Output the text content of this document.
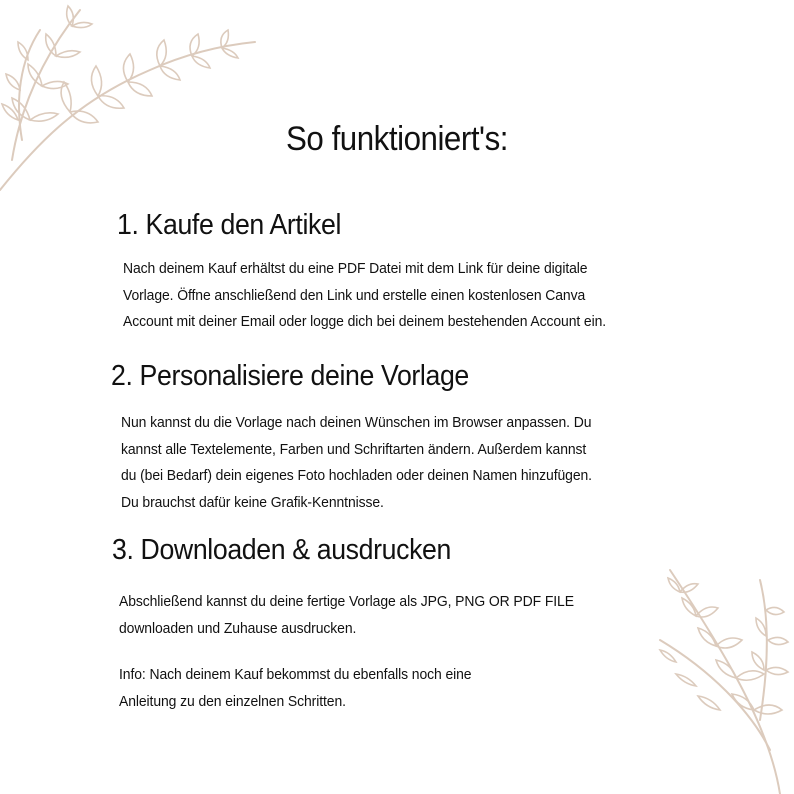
So funktioniert's:
1. Kaufe den Artikel
Nach deinem Kauf erhältst du eine PDF Datei mit dem Link für deine digitale
Vorlage. Öffne anschließend den Link und erstelle einen kostenlosen Canva
Account mit deiner Email oder logge dich bei deinem bestehenden Account ein.
2. Personalisiere deine Vorlage
Nun kannst du die Vorlage nach deinen Wünschen im Browser anpassen. Du
kannst alle Textelemente, Farben und Schriftarten ändern. Außerdem kannst
du (bei Bedarf) dein eigenes Foto hochladen oder deinen Namen hinzufügen.
Du brauchst dafür keine Grafik-Kenntnisse.
3. Downloaden & ausdrucken
Abschließend kannst du deine fertige Vorlage als JPG, PNG OR PDF FILE
downloaden und Zuhause ausdrucken.
Info: Nach deinem Kauf bekommst du ebenfalls noch eine
Anleitung zu den einzelnen Schritten.
